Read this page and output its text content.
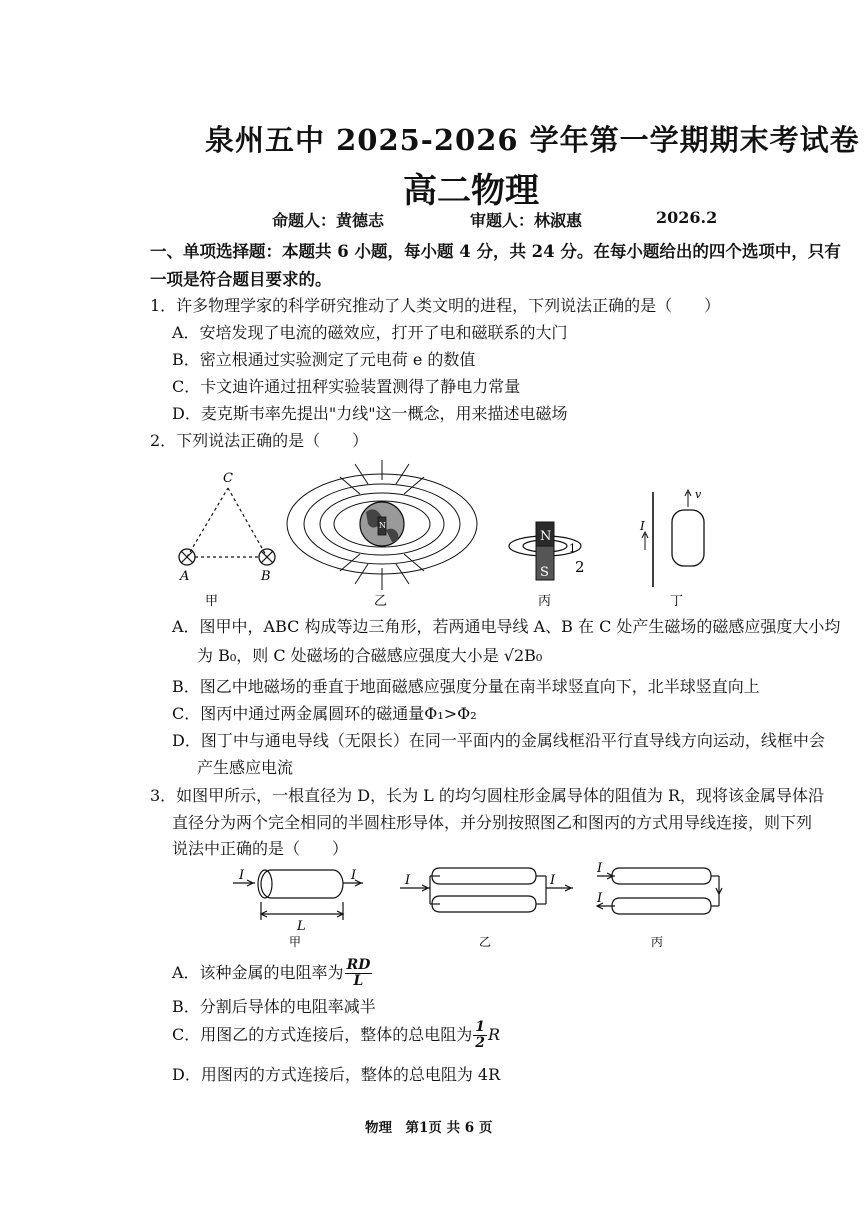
泉州五中 2025-2026 学年第一学期期末考试卷
高二物理
命题人：黄德志	审题人：林淑惠	2026.2
一、单项选择题：本题共 6 小题，每小题 4 分，共 24 分。在每小题给出的四个选项中，只有
一项是符合题目要求的。
1．许多物理学家的科学研究推动了人类文明的进程，下列说法正确的是（　　）
A．安培发现了电流的磁效应，打开了电和磁联系的大门
B．密立根通过实验测定了元电荷 e 的数值
C．卡文迪许通过扭秤实验装置测得了静电力常量
D．麦克斯韦率先提出"力线"这一概念，用来描述电磁场
2．下列说法正确的是（　　）
C
A	B
N
N
S
1
2
I
v
甲	乙	丙	丁
A．图甲中，ABC 构成等边三角形，若两通电导线 A、B 在 C 处产生磁场的磁感应强度大小均
为 B₀，则 C 处磁场的合磁感应强度大小是 √2B₀
B．图乙中地磁场的垂直于地面磁感应强度分量在南半球竖直向下，北半球竖直向上
C．图丙中通过两金属圆环的磁通量Φ₁>Φ₂
D．图丁中与通电导线（无限长）在同一平面内的金属线框沿平行直导线方向运动，线框中会
产生感应电流
3．如图甲所示，一根直径为 D，长为 L 的均匀圆柱形金属导体的阻值为 R，现将该金属导体沿
直径分为两个完全相同的半圆柱形导体，并分别按照图乙和图丙的方式用导线连接，则下列
说法中正确的是（　　）
I	I
L
I	I
I
I
甲	乙	丙
A．该种金属的电阻率为 $\frac{RD}{L}$
B．分割后导体的电阻率减半
C．用图乙的方式连接后，整体的总电阻为 $\frac{1}{2}$ R
D．用图丙的方式连接后，整体的总电阻为 4R
物理　第1页 共 6 页
